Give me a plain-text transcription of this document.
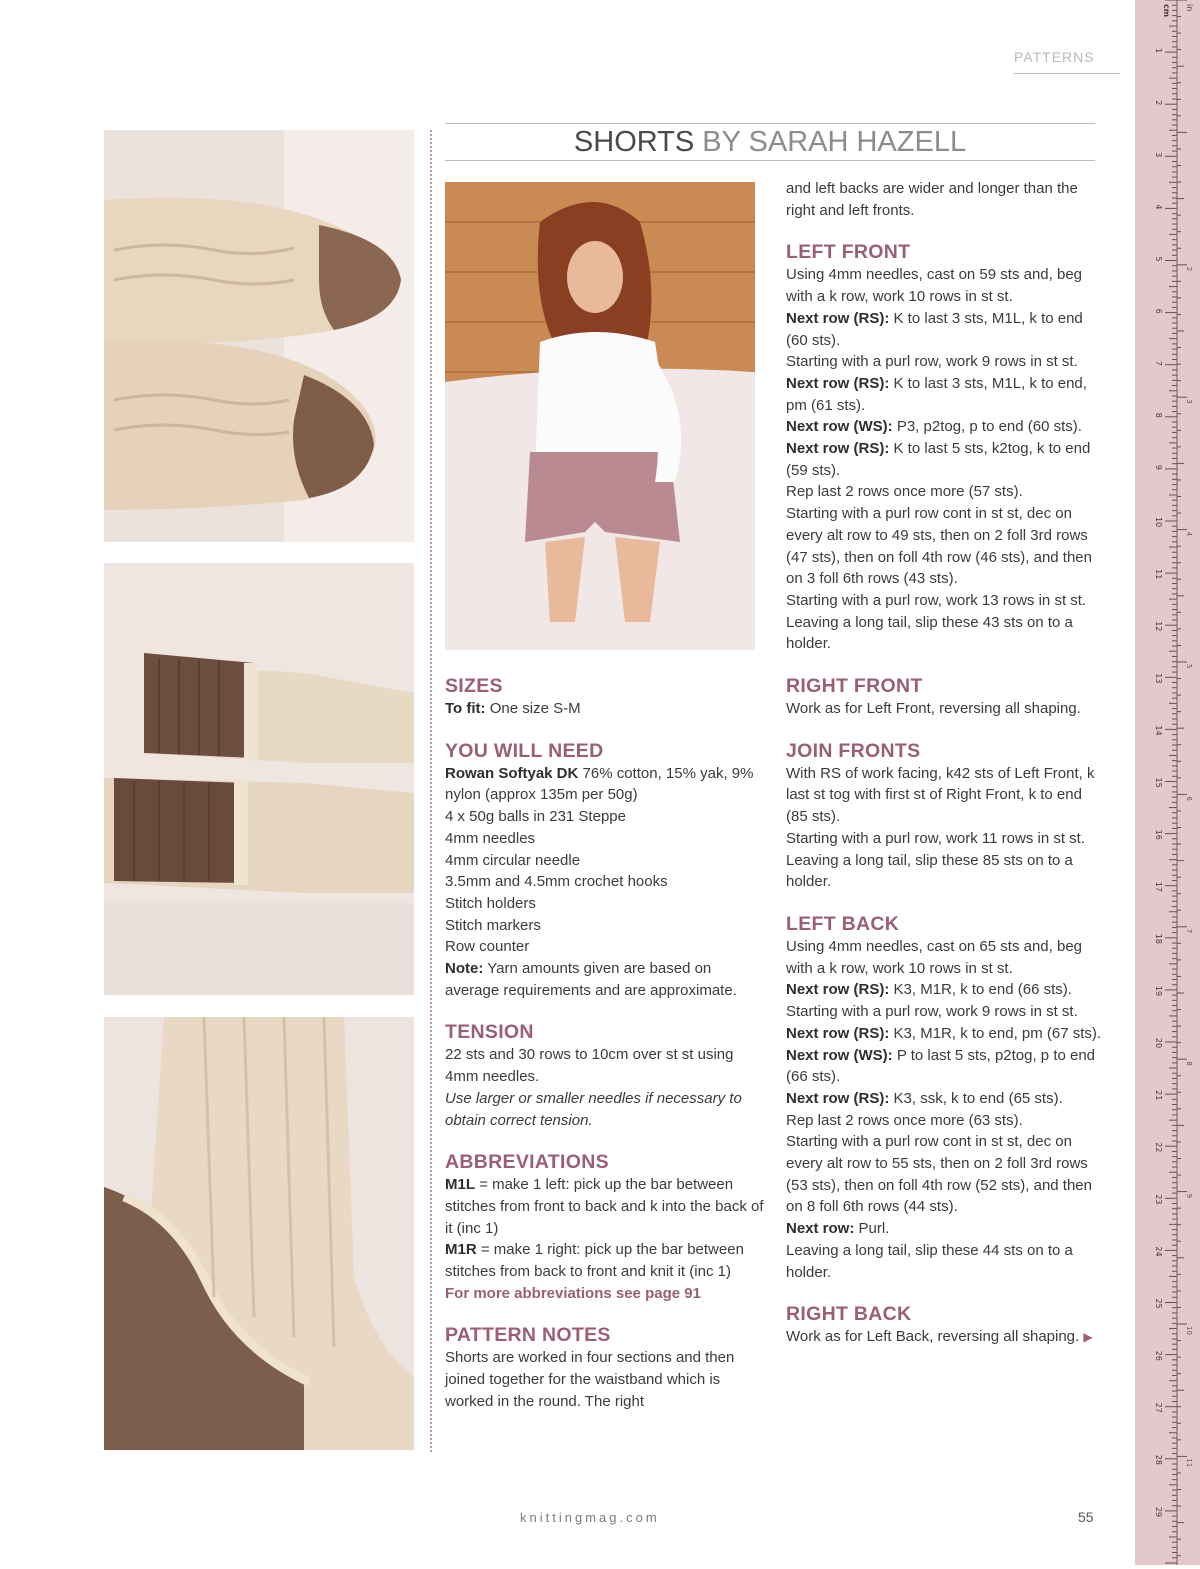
PATTERNS
SHORTS BY SARAH HAZELL
SIZES

To fit: One size S-M

YOU WILL NEED

Rowan Softyak DK 76% cotton, 15% yak, 9% nylon (approx 135m per 50g)

4 x 50g balls in 231 Steppe

4mm needles

4mm circular needle

3.5mm and 4.5mm crochet hooks

Stitch holders

Stitch markers

Row counter

Note: Yarn amounts given are based on average requirements and are approximate.

TENSION

22 sts and 30 rows to 10cm over st st using 4mm needles.

Use larger or smaller needles if necessary to obtain correct tension.

ABBREVIATIONS

M1L = make 1 left: pick up the bar between stitches from front to back and k into the back of it (inc 1)

M1R = make 1 right: pick up the bar between stitches from back to front and knit it (inc 1)

For more abbreviations see page 91

PATTERN NOTES

Shorts are worked in four sections and then joined together for the waistband which is worked in the round. The right

and left backs are wider and longer than the right and left fronts.

LEFT FRONT

Using 4mm needles, cast on 59 sts and, beg with a k row, work 10 rows in st st.

Next row (RS): K to last 3 sts, M1L, k to end (60 sts).

Starting with a purl row, work 9 rows in st st.

Next row (RS): K to last 3 sts, M1L, k to end, pm (61 sts).

Next row (WS): P3, p2tog, p to end (60 sts).

Next row (RS): K to last 5 sts, k2tog, k to end (59 sts).

Rep last 2 rows once more (57 sts).

Starting with a purl row cont in st st, dec on every alt row to 49 sts, then on 2 foll 3rd rows (47 sts), then on foll 4th row (46 sts), and then on 3 foll 6th rows (43 sts).

Starting with a purl row, work 13 rows in st st.

Leaving a long tail, slip these 43 sts on to a holder.

RIGHT FRONT

Work as for Left Front, reversing all shaping.

JOIN FRONTS

With RS of work facing, k42 sts of Left Front, k last st tog with first st of Right Front, k to end (85 sts).

Starting with a purl row, work 11 rows in st st.

Leaving a long tail, slip these 85 sts on to a holder.

LEFT BACK

Using 4mm needles, cast on 65 sts and, beg with a k row, work 10 rows in st st.

Next row (RS): K3, M1R, k to end (66 sts).

Starting with a purl row, work 9 rows in st st.

Next row (RS): K3, M1R, k to end, pm (67 sts).

Next row (WS): P to last 5 sts, p2tog, p to end (66 sts).

Next row (RS): K3, ssk, k to end (65 sts).

Rep last 2 rows once more (63 sts).

Starting with a purl row cont in st st, dec on every alt row to 55 sts, then on 2 foll 3rd rows (53 sts), then on foll 4th row (52 sts), and then on 8 foll 6th rows (44 sts).

Next row: Purl.

Leaving a long tail, slip these 44 sts on to a holder.

RIGHT BACK

Work as for Left Back, reversing all shaping. ▶

knittingmag.com	55
cm in
1
2
3
4
5
6
7
8
9
10
11
12
13
14
15
16
17
18
19
20
21
22
23
24
25
26
27
28
29
2
3
4
5
6
7
8
9
10
11
